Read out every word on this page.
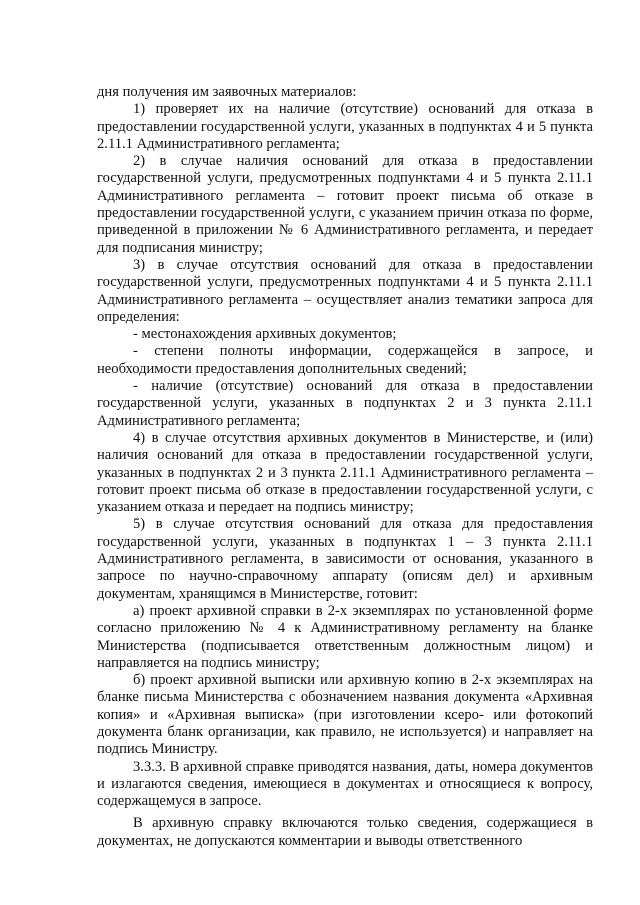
дня получения им заявочных материалов:

1) проверяет их на наличие (отсутствие) оснований для отказа в предоставлении государственной услуги, указанных в подпунктах 4 и 5 пункта 2.11.1 Административного регламента;

2) в случае наличия оснований для отказа в предоставлении государственной услуги, предусмотренных подпунктами 4 и 5 пункта 2.11.1 Административного регламента – готовит проект письма об отказе в предоставлении государственной услуги, с указанием причин отказа по форме, приведенной в приложении № 6 Административного регламента, и передает для подписания министру;

3) в случае отсутствия оснований для отказа в предоставлении государственной услуги, предусмотренных подпунктами 4 и 5 пункта 2.11.1 Административного регламента – осуществляет анализ тематики запроса для определения:

- местонахождения архивных документов;

- степени полноты информации, содержащейся в запросе, и необходимости предоставления дополнительных сведений;

- наличие (отсутствие) оснований для отказа в предоставлении государственной услуги, указанных в подпунктах 2 и 3 пункта 2.11.1 Административного регламента;

4) в случае отсутствия архивных документов в Министерстве, и (или) наличия оснований для отказа в предоставлении государственной услуги, указанных в подпунктах 2 и 3 пункта 2.11.1 Административного регламента – готовит проект письма об отказе в предоставлении государственной услуги, с указанием отказа и передает на подпись министру;

5) в случае отсутствия оснований для отказа для предоставления государственной услуги, указанных в подпунктах 1 – 3 пункта 2.11.1 Административного регламента, в зависимости от основания, указанного в запросе по научно-справочному аппарату (описям дел) и архивным документам, хранящимся в Министерстве, готовит:

а) проект архивной справки в 2-х экземплярах по установленной форме согласно приложению № 4 к Административному регламенту на бланке Министерства (подписывается ответственным должностным лицом) и направляется на подпись министру;

б) проект архивной выписки или архивную копию в 2-х экземплярах на бланке письма Министерства с обозначением названия документа «Архивная копия» и «Архивная выписка» (при изготовлении ксеро- или фотокопий документа бланк организации, как правило, не используется) и направляет на подпись Министру.

3.3.3. В архивной справке приводятся названия, даты, номера документов и излагаются сведения, имеющиеся в документах и относящиеся к вопросу, содержащемуся в запросе.

В архивную справку включаются только сведения, содержащиеся в документах, не допускаются комментарии и выводы ответственного
